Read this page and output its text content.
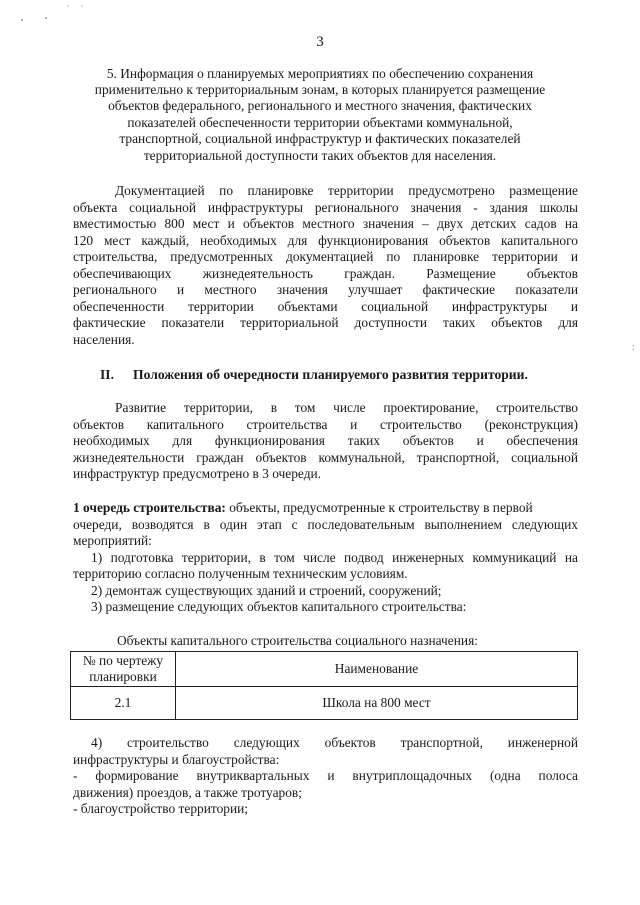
:
3
5. Информация о планируемых мероприятиях по обеспечению сохранения
применительно к территориальным зонам, в которых планируется размещение
объектов федерального, регионального и местного значения, фактических
показателей обеспеченности территории объектами коммунальной,
транспортной, социальной инфраструктур и фактических показателей
территориальной доступности таких объектов для населения.
Документацией по планировке территории предусмотрено размещение
объекта социальной инфраструктуры регионального значения - здания школы
вместимостью 800 мест и объектов местного значения – двух детских садов на
120 мест каждый, необходимых для функционирования объектов капитального
строительства, предусмотренных документацией по планировке территории и
обеспечивающих жизнедеятельность граждан. Размещение объектов
регионального и местного значения улучшает фактические показатели
обеспеченности территории объектами социальной инфраструктуры и
фактические показатели территориальной доступности таких объектов для
населения.
II. Положения об очередности планируемого развития территории.
Развитие территории, в том числе проектирование, строительство
объектов капитального строительства и строительство (реконструкция)
необходимых для функционирования таких объектов и обеспечения
жизнедеятельности граждан объектов коммунальной, транспортной, социальной
инфраструктур предусмотрено в 3 очереди.
1 очередь строительства: объекты, предусмотренные к строительству в первой
очереди, возводятся в один этап с последовательным выполнением следующих
мероприятий:
1) подготовка территории, в том числе подвод инженерных коммуникаций на
территорию согласно полученным техническим условиям.
2) демонтаж существующих зданий и строений, сооружений;
3) размещение следующих объектов капитального строительства:
Объекты капитального строительства социального назначения:
№ по чертежу
планировки	Наименование
2.1	Школа на 800 мест
4) строительство следующих объектов транспортной, инженерной
инфраструктуры и благоустройства:
- формирование внутриквартальных и внутриплощадочных (одна полоса
движения) проездов, а также тротуаров;
- благоустройство территории;
